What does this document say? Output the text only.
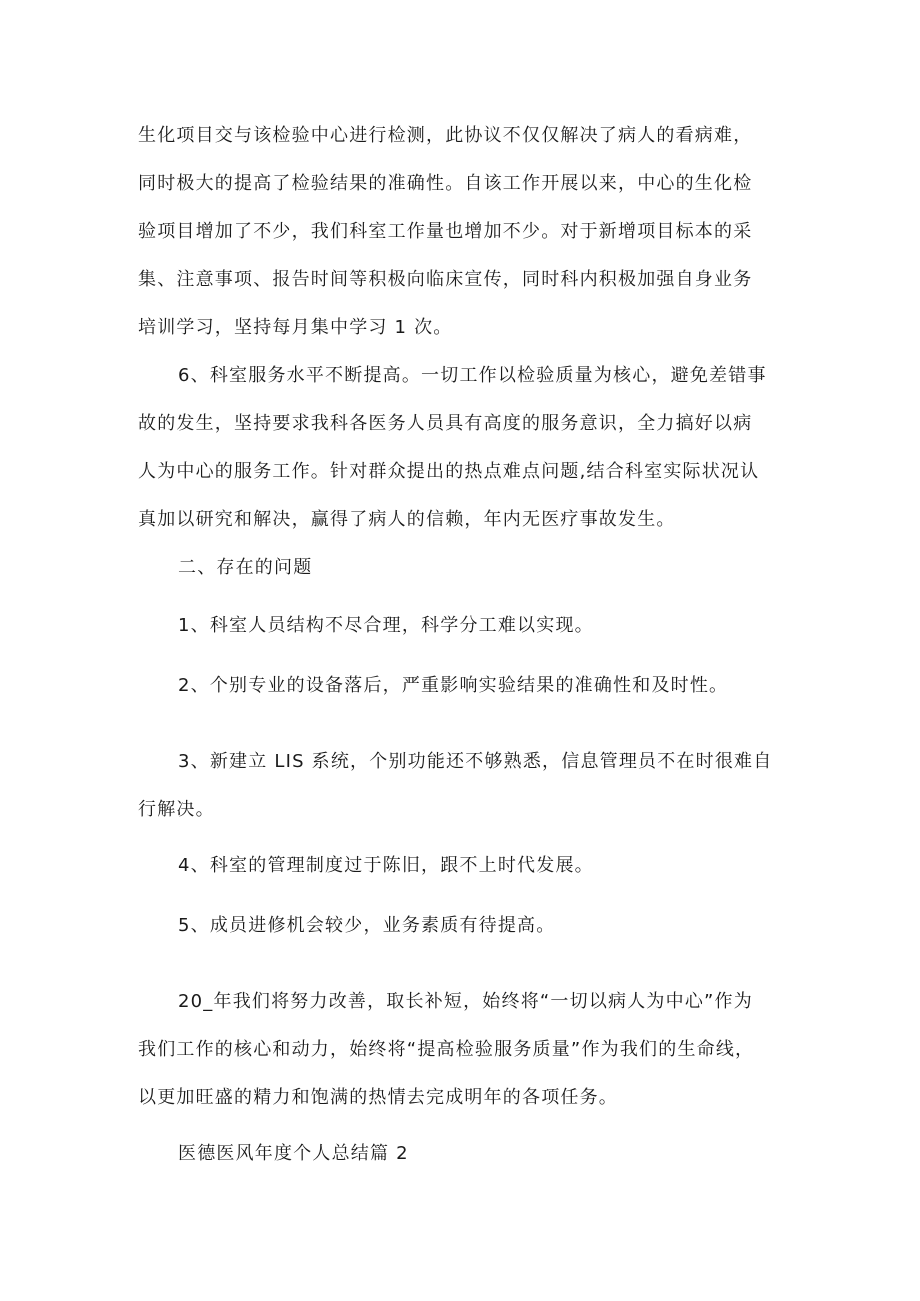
生化项目交与该检验中心进行检测，此协议不仅仅解决了病人的看病难，
同时极大的提高了检验结果的准确性。自该工作开展以来，中心的生化检
验项目增加了不少，我们科室工作量也增加不少。对于新增项目标本的采
集、注意事项、报告时间等积极向临床宣传，同时科内积极加强自身业务
培训学习，坚持每月集中学习 1 次。
6、科室服务水平不断提高。一切工作以检验质量为核心，避免差错事
故的发生，坚持要求我科各医务人员具有高度的服务意识，全力搞好以病
人为中心的服务工作。针对群众提出的热点难点问题,结合科室实际状况认
真加以研究和解决，赢得了病人的信赖，年内无医疗事故发生。
二、存在的问题
1、科室人员结构不尽合理，科学分工难以实现。
2、个别专业的设备落后，严重影响实验结果的准确性和及时性。
3、新建立 LIS 系统，个别功能还不够熟悉，信息管理员不在时很难自
行解决。
4、科室的管理制度过于陈旧，跟不上时代发展。
5、成员进修机会较少，业务素质有待提高。
20_年我们将努力改善，取长补短，始终将“一切以病人为中心”作为
我们工作的核心和动力，始终将“提高检验服务质量”作为我们的生命线，
以更加旺盛的精力和饱满的热情去完成明年的各项任务。
医德医风年度个人总结篇 2
